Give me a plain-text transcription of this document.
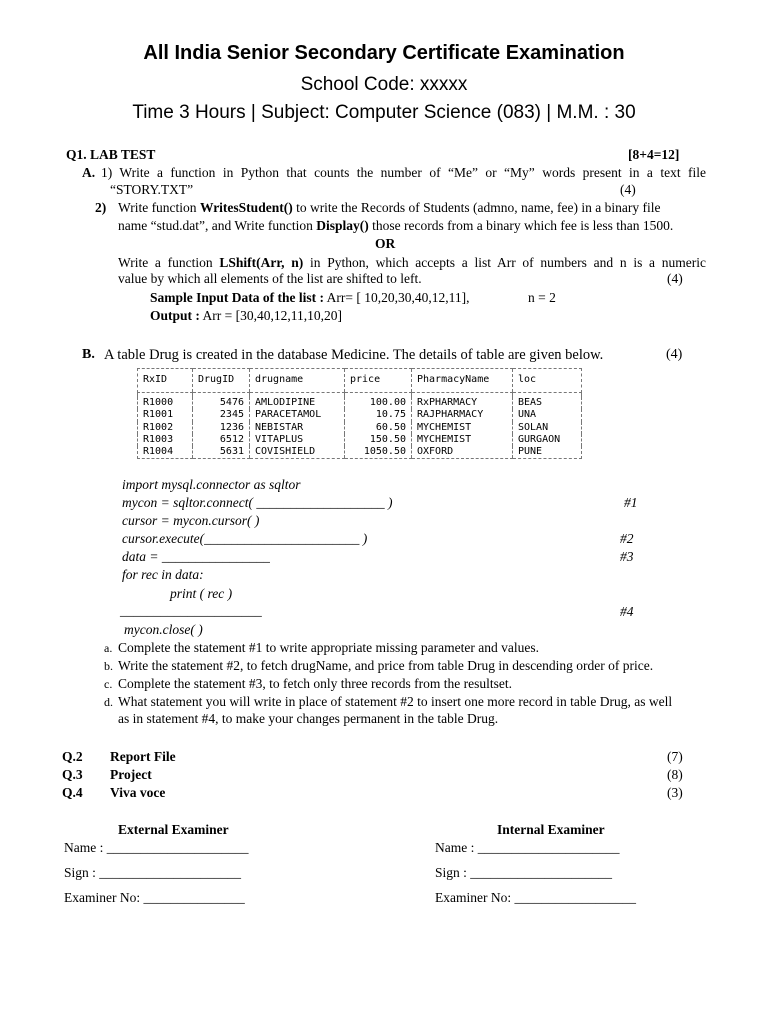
All India Senior Secondary Certificate Examination
School Code: xxxxx
Time 3 Hours | Subject: Computer Science (083) | M.M. : 30
Q1. LAB TEST	[8+4=12]
A. 1) Write a function in Python that counts the number of “Me” or “My” words present in a text file
“STORY.TXT”	(4)
2) Write function WritesStudent() to write the Records of Students (admno, name, fee) in a binary file
name “stud.dat”, and Write function Display() those records from a binary which fee is less than 1500.
OR
Write a function LShift(Arr, n) in Python, which accepts a list Arr of numbers and n is a numeric
value by which all elements of the list are shifted to left.	(4)
Sample Input Data of the list : Arr= [ 10,20,30,40,12,11],	n = 2
Output : Arr = [30,40,12,11,10,20]
B. A table Drug is created in the database Medicine. The details of table are given below.	(4)
RxID	DrugID	drugname	price	PharmacyName	loc

R1000	5476	AMLODIPINE	100.00	RxPHARMACY	BEAS
R1001	2345	PARACETAMOL	10.75	RAJPHARMACY	UNA
R1002	1236	NEBISTAR	60.50	MYCHEMIST	SOLAN
R1003	6512	VITAPLUS	150.50	MYCHEMIST	GURGAON
R1004	5631	COVISHIELD	1050.50	OXFORD	PUNE
import mysql.connector as sqltor
mycon = sqltor.connect( ___________________ )	#1
cursor = mycon.cursor( )
cursor.execute(_______________________ )	#2
data = ________________	#3
for rec in data:
print ( rec )
_____________________	#4
mycon.close( )
a. Complete the statement #1 to write appropriate missing parameter and values.
b. Write the statement #2, to fetch drugName, and price from table Drug in descending order of price.
c. Complete the statement #3, to fetch only three records from the resultset.
d. What statement you will write in place of statement #2 to insert one more record in table Drug, as well
as in statement #4, to make your changes permanent in the table Drug.
Q.2 Report File	(7)
Q.3 Project	(8)
Q.4 Viva voce	(3)
External Examiner	Internal Examiner
Name : _____________________	Name : _____________________
Sign : _____________________	Sign : _____________________
Examiner No: _______________	Examiner No: __________________
